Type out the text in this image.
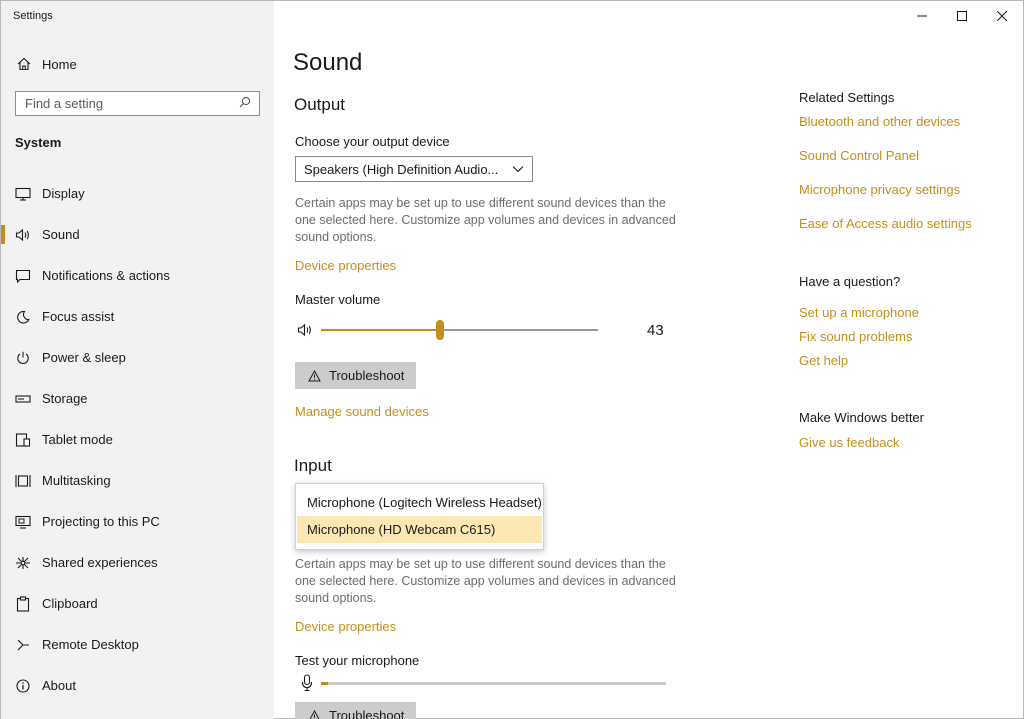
Settings
Home
Find a setting
System
Display
Sound
Notifications & actions
Focus assist
Power & sleep
Storage
Tablet mode
Multitasking
Projecting to this PC
Shared experiences
Clipboard
Remote Desktop
About
Sound
Output
Choose your output device
Speakers (High Definition Audio...
Certain apps may be set up to use different sound devices than the one selected here. Customize app volumes and devices in advanced sound options.
Device properties
Master volume
43
Troubleshoot
Manage sound devices
Input
Microphone (Logitech Wireless Headset)
Microphone (HD Webcam C615)
Certain apps may be set up to use different sound devices than the one selected here. Customize app volumes and devices in advanced sound options.
Device properties
Test your microphone
Troubleshoot
Related Settings
Bluetooth and other devices
Sound Control Panel
Microphone privacy settings
Ease of Access audio settings
Have a question?
Set up a microphone
Fix sound problems
Get help
Make Windows better
Give us feedback
